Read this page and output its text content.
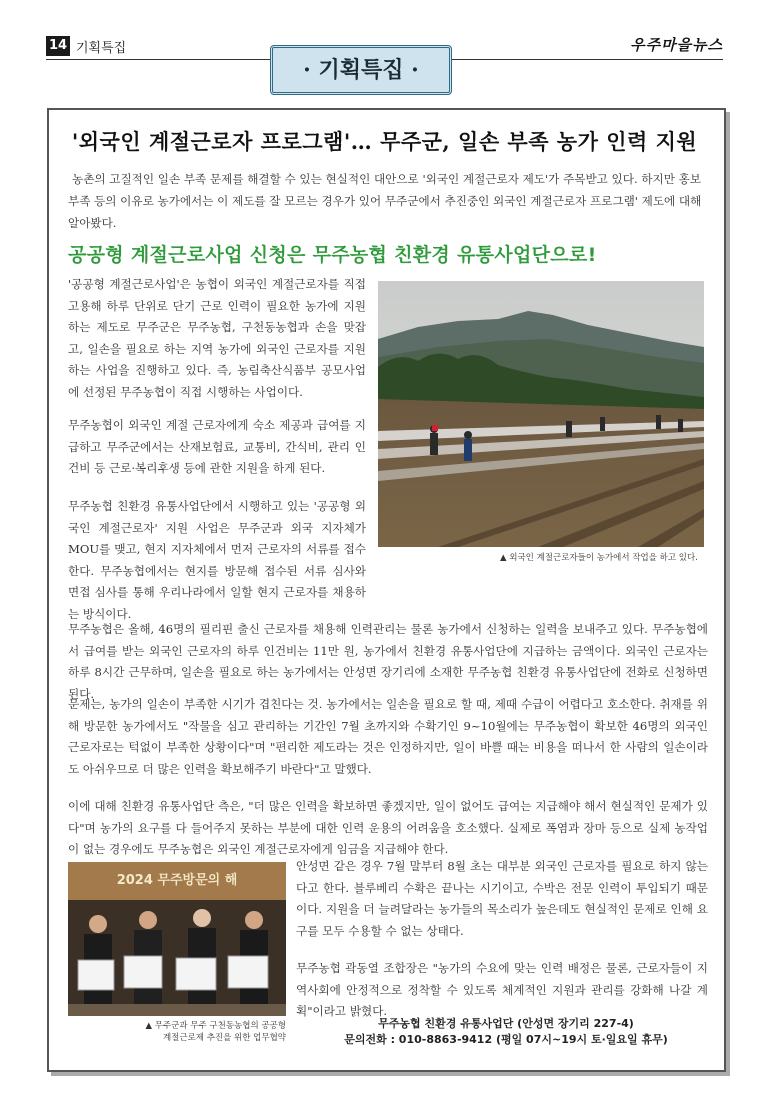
14 기획특집	우주마을뉴스
· 기획특집 ·
'외국인 계절근로자 프로그램'… 무주군, 일손 부족 농가 인력 지원
농촌의 고질적인 일손 부족 문제를 해결할 수 있는 현실적인 대안으로 '외국인 계절근로자 제도'가 주목받고 있다. 하지만 홍보 부족 등의 이유로 농가에서는 이 제도를 잘 모르는 경우가 있어 무주군에서 추진중인 외국인 계절근로자 프로그램' 제도에 대해 알아봤다.
공공형 계절근로사업 신청은 무주농협 친환경 유통사업단으로!
'공공형 계절근로사업'은 농협이 외국인 계절근로자를 직접 고용해 하루 단위로 단기 근로 인력이 필요한 농가에 지원하는 제도로 무주군은 무주농협, 구천동농협과 손을 맞잡고, 일손을 필요로 하는 지역 농가에 외국인 근로자를 지원하는 사업을 진행하고 있다. 즉, 농림축산식품부 공모사업에 선정된 무주농협이 직접 시행하는 사업이다.
무주농협이 외국인 계절 근로자에게 숙소 제공과 급여를 지급하고 무주군에서는 산재보험료, 교통비, 간식비, 관리 인건비 등 근로·복리후생 등에 관한 지원을 하게 된다.
무주농협 친환경 유통사업단에서 시행하고 있는 '공공형 외국인 계절근로자' 지원 사업은 무주군과 외국 지자체가 MOU를 맺고, 현지 지자체에서 먼저 근로자의 서류를 접수한다. 무주농협에서는 현지를 방문해 접수된 서류 심사와 면접 심사를 통해 우리나라에서 일할 현지 근로자를 채용하는 방식이다.
▲ 외국인 계절근로자들이 농가에서 작업을 하고 있다.
무주농협은 올해, 46명의 필리핀 출신 근로자를 채용해 인력관리는 물론 농가에서 신청하는 일력을 보내주고 있다. 무주농협에서 급여를 받는 외국인 근로자의 하루 인건비는 11만 원, 농가에서 친환경 유통사업단에 지급하는 금액이다. 외국인 근로자는 하루 8시간 근무하며, 일손을 필요로 하는 농가에서는 안성면 장기리에 소재한 무주농협 친환경 유통사업단에 전화로 신청하면 된다.
문제는, 농가의 일손이 부족한 시기가 겹친다는 것. 농가에서는 일손을 필요로 할 때, 제때 수급이 어렵다고 호소한다. 취재를 위해 방문한 농가에서도 "작물을 심고 관리하는 기간인 7월 초까지와 수확기인 9~10월에는 무주농협이 확보한 46명의 외국인 근로자로는 턱없이 부족한 상황이다"며 "편리한 제도라는 것은 인정하지만, 일이 바쁠 때는 비용을 떠나서 한 사람의 일손이라도 아쉬우므로 더 많은 인력을 확보해주기 바란다"고 말했다.
이에 대해 친환경 유통사업단 측은, "더 많은 인력을 확보하면 좋겠지만, 일이 없어도 급여는 지급해야 해서 현실적인 문제가 있다"며 농가의 요구를 다 들어주지 못하는 부분에 대한 인력 운용의 어려움을 호소했다. 실제로 폭염과 장마 등으로 실제 농작업이 없는 경우에도 무주농협은 외국인 계절근로자에게 임금을 지급해야 한다.
2024 무주방문의 해
▲ 무주군과 무주 구천동농협의 공공형
계절근로제 추진을 위한 업무협약
안성면 같은 경우 7월 말부터 8월 초는 대부분 외국인 근로자를 필요로 하지 않는다고 한다. 블루베리 수확은 끝나는 시기이고, 수박은 전문 인력이 투입되기 때문이다. 지원을 더 늘려달라는 농가들의 목소리가 높은데도 현실적인 문제로 인해 요구를 모두 수용할 수 없는 상태다.
무주농협 곽동열 조합장은 "농가의 수요에 맞는 인력 배정은 물론, 근로자들이 지역사회에 안정적으로 정착할 수 있도록 체계적인 지원과 관리를 강화해 나갈 계획"이라고 밝혔다.
무주농협 친환경 유통사업단 (안성면 장기리 227-4)
문의전화 : 010-8863-9412 (평일 07시~19시 토·일요일 휴무)
